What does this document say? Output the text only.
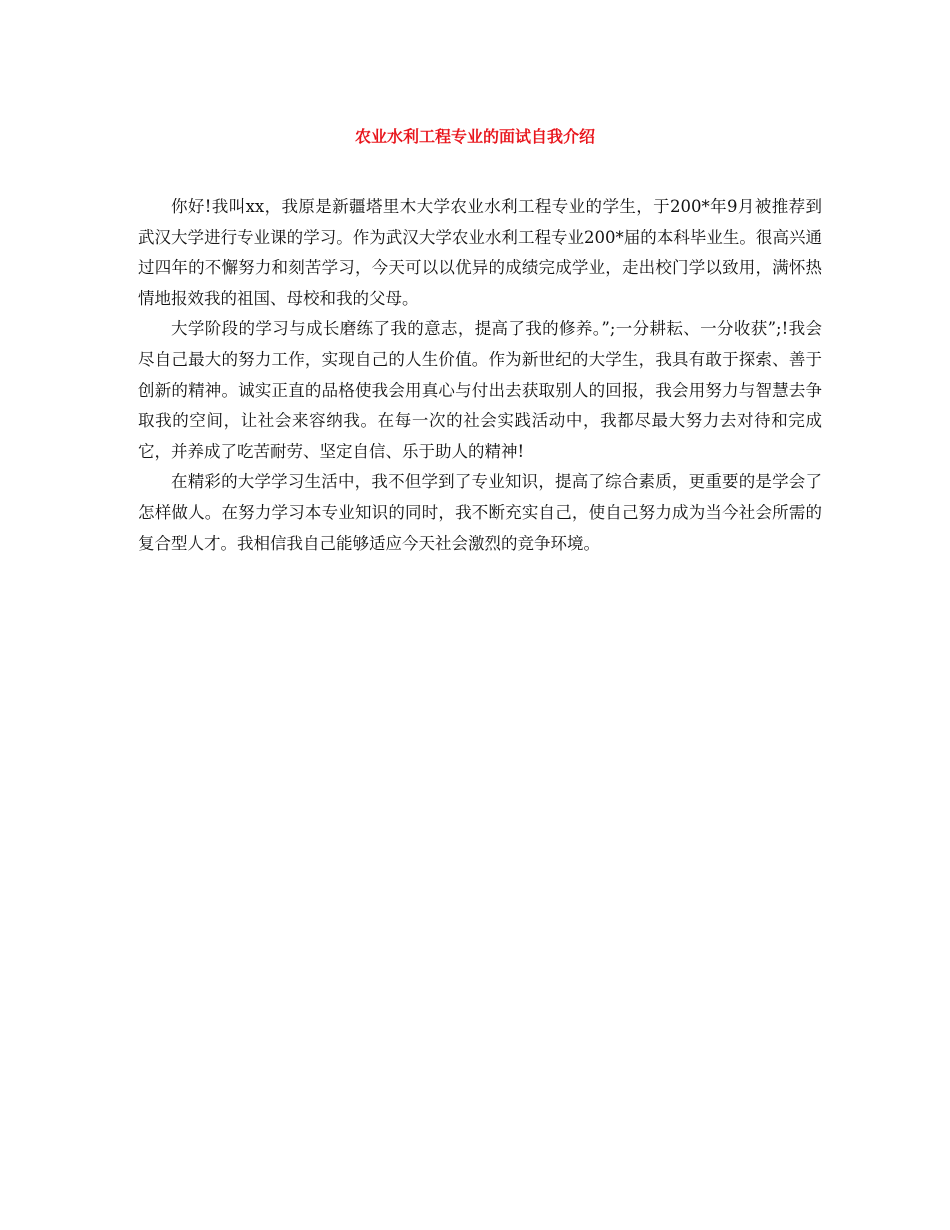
农业水利工程专业的面试自我介绍

你好!我叫xx，我原是新疆塔里木大学农业水利工程专业的学生，于200*年9月被推荐到武汉大学进行专业课的学习。作为武汉大学农业水利工程专业200*届的本科毕业生。很高兴通过四年的不懈努力和刻苦学习，今天可以以优异的成绩完成学业，走出校门学以致用，满怀热情地报效我的祖国、母校和我的父母。

大学阶段的学习与成长磨练了我的意志，提高了我的修养。”;一分耕耘、一分收获”;!我会尽自己最大的努力工作，实现自己的人生价值。作为新世纪的大学生，我具有敢于探索、善于创新的精神。诚实正直的品格使我会用真心与付出去获取别人的回报，我会用努力与智慧去争取我的空间，让社会来容纳我。在每一次的社会实践活动中，我都尽最大努力去对待和完成它，并养成了吃苦耐劳、坚定自信、乐于助人的精神!

在精彩的大学学习生活中，我不但学到了专业知识，提高了综合素质，更重要的是学会了怎样做人。在努力学习本专业知识的同时，我不断充实自己，使自己努力成为当今社会所需的复合型人才。我相信我自己能够适应今天社会激烈的竞争环境。
